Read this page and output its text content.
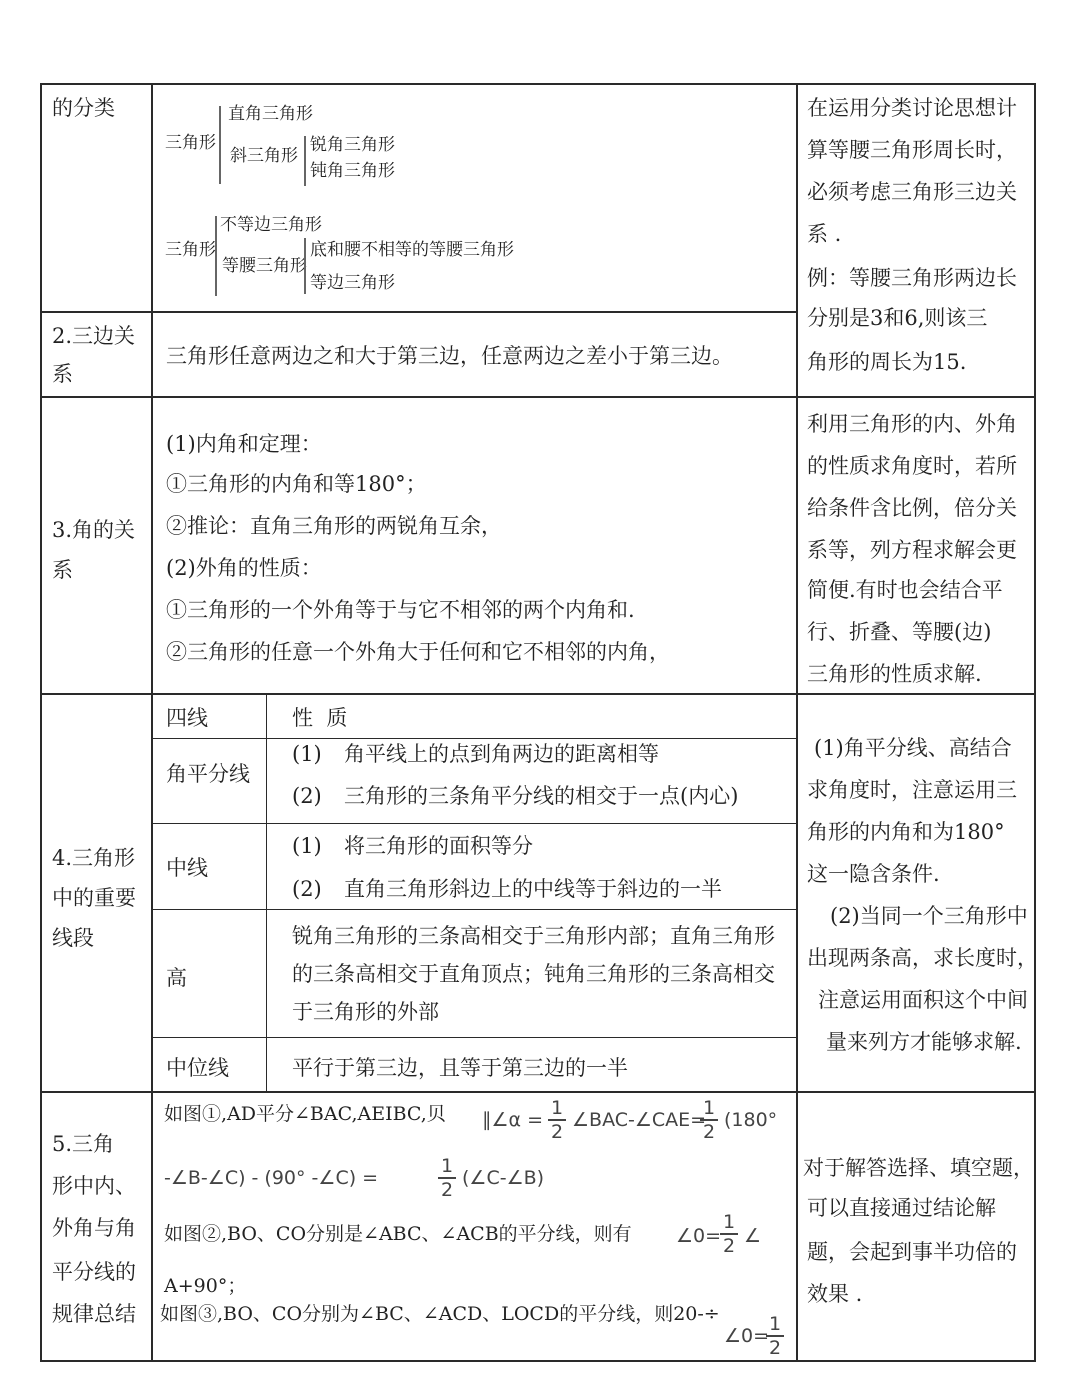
的分类
三角形
直角三角形
斜三角形
锐角三角形
钝角三角形
三角形
不等边三角形
等腰三角形
底和腰不相等的等腰三角形
等边三角形
2.三边关
系
三角形任意两边之和大于第三边，任意两边之差小于第三边。
在运用分类讨论思想计
算等腰三角形周长时，
必须考虑三角形三边关
系 .
例：等腰三角形两边长
分别是3和6,则该三
角形的周长为15.
3.角的关
系
(1)内角和定理：
①三角形的内角和等180°；
②推论：直角三角形的两锐角互余，
(2)外角的性质：
①三角形的一个外角等于与它不相邻的两个内角和.
②三角形的任意一个外角大于任何和它不相邻的内角，
利用三角形的内、外角
的性质求角度时，若所
给条件含比例，倍分关
系等，列方程求解会更
简便.有时也会结合平
行、折叠、等腰(边)
三角形的性质求解.
4.三角形
中的重要
线段
四线	性  质
角平分线
(1) 角平线上的点到角两边的距离相等
(2) 三角形的三条角平分线的相交于一点(内心)
中线
(1) 将三角形的面积等分
(2) 直角三角形斜边上的中线等于斜边的一半
高
锐角三角形的三条高相交于三角形内部；直角三角形
的三条高相交于直角顶点；钝角三角形的三条高相交
于三角形的外部
中位线	平行于第三边，且等于第三边的一半
(1)角平分线、高结合
求角度时，注意运用三
角形的内角和为180°
这一隐含条件.
(2)当同一个三角形中
出现两条高，求长度时，
注意运用面积这个中间
量来列方才能够求解.
5.三角
形中内、
外角与角
平分线的
规律总结
如图①,AD平分∠BAC,AEIBC,贝 ∥∠α =
1
2
∠BAC-∠CAE=
1
2
(180°
-∠B-∠C) - (90° -∠C) =
1
2
(∠C-∠B)
如图②,BO、CO分别是∠ABC、∠ACB的平分线，则有 ∠0=
1
2 ∠
A+90°；
如图③,BO、CO分别为∠BC、∠ACD、LOCD的平分线，则20-÷
∠0=
1
2
对于解答选择、填空题，
可以直接通过结论解
题，会起到事半功倍的
效果 .
